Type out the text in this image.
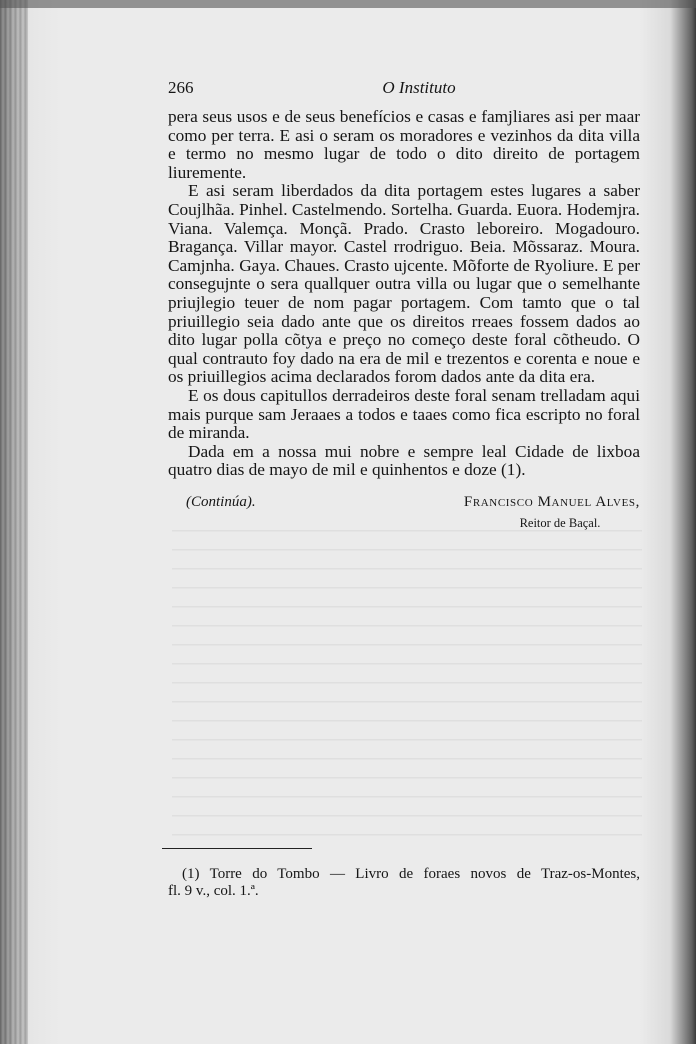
266	O Instituto

pera seus usos e de seus benefícios e casas e famjliares asi per maar como per terra. E asi o seram os moradores e vezinhos da dita villa e termo no mesmo lugar de todo o dito direito de portagem liuremente.

E asi seram liberdados da dita portagem estes lugares a saber Coujlhãa. Pinhel. Castelmendo. Sortelha. Guarda. Euora. Hodemjra. Viana. Valemça. Monçã. Prado. Crasto leboreiro. Mogadouro. Bragança. Villar mayor. Castel rrodriguo. Beia. Mõssaraz. Moura. Camjnha. Gaya. Chaues. Crasto ujcente. Mõforte de Ryoliure. E per consegujnte o sera quallquer outra villa ou lugar que o semelhante priujlegio teuer de nom pagar portagem. Com tamto que o tal priuillegio seia dado ante que os direitos rreaes fossem dados ao dito lugar polla cõtya e preço no começo deste foral cõtheudo. O qual contrauto foy dado na era de mil e trezentos e corenta e noue e os priuillegios acima declarados forom dados ante da dita era.

E os dous capitullos derradeiros deste foral senam trelladam aqui mais purque sam Jeraaes a todos e taaes como fica escripto no foral de miranda.

Dada em a nossa mui nobre e sempre leal Cidade de lixboa quatro dias de mayo de mil e quinhentos e doze (1).

(Continúa).	Francisco Manuel Alves,
Reitor de Baçal.
(1) Torre do Tombo — Livro de foraes novos de Traz-os-Montes,
fl. 9 v., col. 1.ª.
